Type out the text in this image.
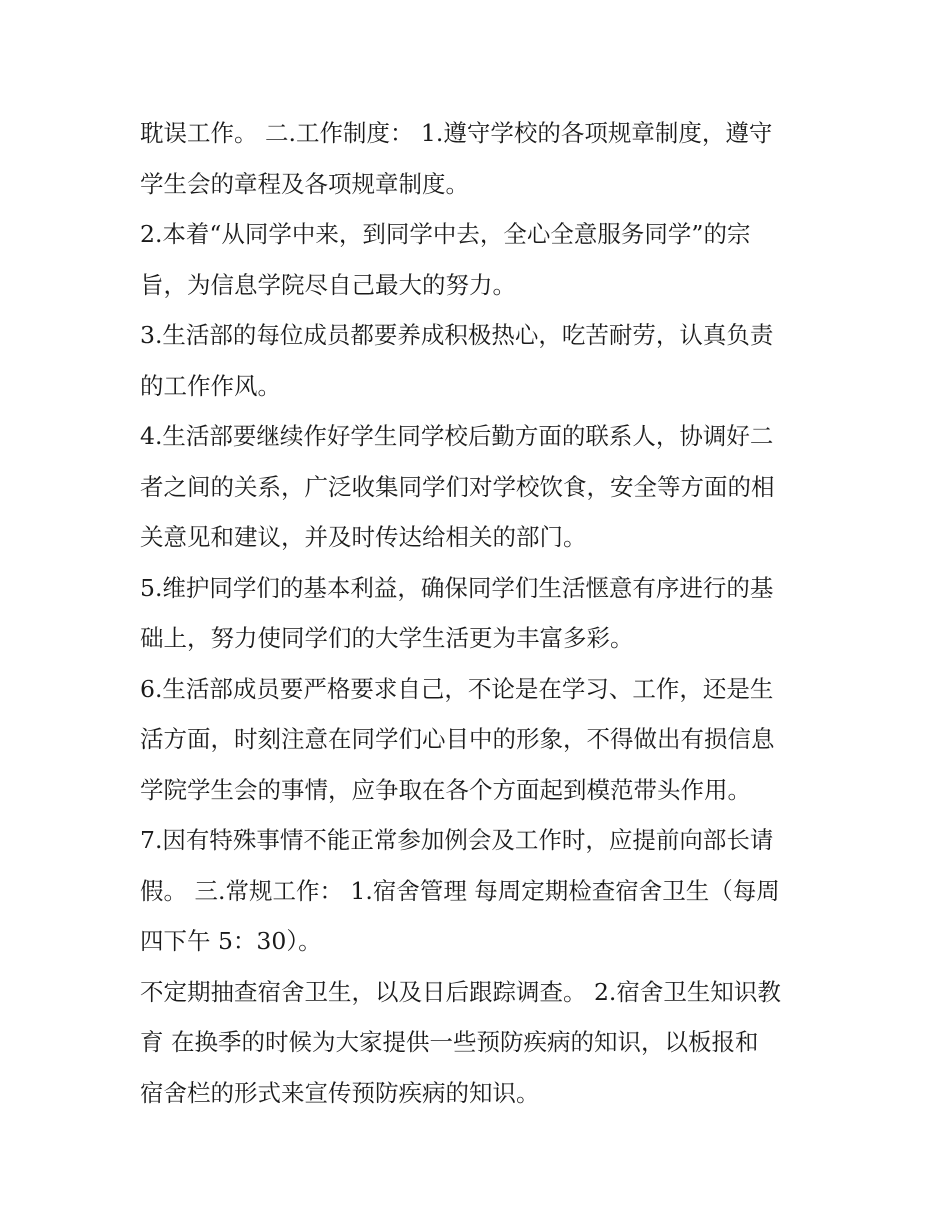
耽误工作。 二.工作制度： 1.遵守学校的各项规章制度，遵守
学生会的章程及各项规章制度。
2.本着“从同学中来，到同学中去，全心全意服务同学”的宗
旨，为信息学院尽自己最大的努力。
3.生活部的每位成员都要养成积极热心，吃苦耐劳，认真负责
的工作作风。
4.生活部要继续作好学生同学校后勤方面的联系人，协调好二
者之间的关系，广泛收集同学们对学校饮食，安全等方面的相
关意见和建议，并及时传达给相关的部门。
5.维护同学们的基本利益，确保同学们生活惬意有序进行的基
础上，努力使同学们的大学生活更为丰富多彩。
6.生活部成员要严格要求自己，不论是在学习、工作，还是生
活方面，时刻注意在同学们心目中的形象，不得做出有损信息
学院学生会的事情，应争取在各个方面起到模范带头作用。
7.因有特殊事情不能正常参加例会及工作时，应提前向部长请
假。 三.常规工作： 1.宿舍管理 每周定期检查宿舍卫生（每周
四下午 5：30）。
不定期抽查宿舍卫生，以及日后跟踪调查。 2.宿舍卫生知识教
育 在换季的时候为大家提供一些预防疾病的知识，以板报和
宿舍栏的形式来宣传预防疾病的知识。
